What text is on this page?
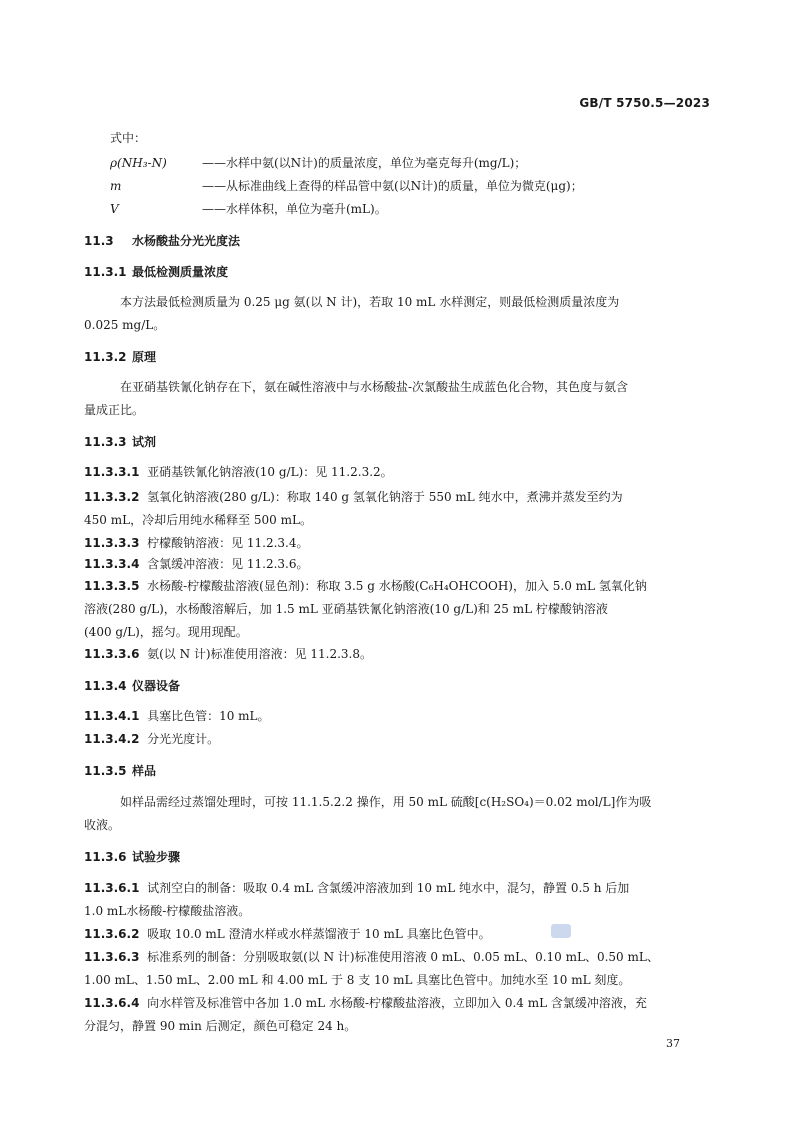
GB/T 5750.5—2023
式中：
ρ(NH₃-N)	——水样中氨(以N计)的质量浓度，单位为毫克每升(mg/L)；
m	——从标准曲线上查得的样品管中氨(以N计)的质量，单位为微克(μg)；
V	——水样体积，单位为毫升(mL)。
11.3 水杨酸盐分光光度法
11.3.1 最低检测质量浓度
本方法最低检测质量为 0.25 μg 氨(以 N 计)，若取 10 mL 水样测定，则最低检测质量浓度为
0.025 mg/L。
11.3.2 原理
在亚硝基铁氰化钠存在下，氨在碱性溶液中与水杨酸盐-次氯酸盐生成蓝色化合物，其色度与氨含
量成正比。
11.3.3 试剂
11.3.3.1 亚硝基铁氰化钠溶液(10 g/L)：见 11.2.3.2。
11.3.3.2 氢氧化钠溶液(280 g/L)：称取 140 g 氢氧化钠溶于 550 mL 纯水中，煮沸并蒸发至约为
450 mL，冷却后用纯水稀释至 500 mL。
11.3.3.3 柠檬酸钠溶液：见 11.2.3.4。
11.3.3.4 含氯缓冲溶液：见 11.2.3.6。
11.3.3.5 水杨酸-柠檬酸盐溶液(显色剂)：称取 3.5 g 水杨酸(C₆H₄OHCOOH)，加入 5.0 mL 氢氧化钠
溶液(280 g/L)，水杨酸溶解后，加 1.5 mL 亚硝基铁氰化钠溶液(10 g/L)和 25 mL 柠檬酸钠溶液
(400 g/L)，摇匀。现用现配。
11.3.3.6 氨(以 N 计)标准使用溶液：见 11.2.3.8。
11.3.4 仪器设备
11.3.4.1 具塞比色管：10 mL。
11.3.4.2 分光光度计。
11.3.5 样品
如样品需经过蒸馏处理时，可按 11.1.5.2.2 操作，用 50 mL 硫酸[c(H₂SO₄)＝0.02 mol/L]作为吸
收液。
11.3.6 试验步骤
11.3.6.1 试剂空白的制备：吸取 0.4 mL 含氯缓冲溶液加到 10 mL 纯水中，混匀，静置 0.5 h 后加
1.0 mL水杨酸-柠檬酸盐溶液。
11.3.6.2 吸取 10.0 mL 澄清水样或水样蒸馏液于 10 mL 具塞比色管中。
11.3.6.3 标准系列的制备：分别吸取氨(以 N 计)标准使用溶液 0 mL、0.05 mL、0.10 mL、0.50 mL、
1.00 mL、1.50 mL、2.00 mL 和 4.00 mL 于 8 支 10 mL 具塞比色管中。加纯水至 10 mL 刻度。
11.3.6.4 向水样管及标准管中各加 1.0 mL 水杨酸-柠檬酸盐溶液，立即加入 0.4 mL 含氯缓冲溶液，充
分混匀，静置 90 min 后测定，颜色可稳定 24 h。
37
